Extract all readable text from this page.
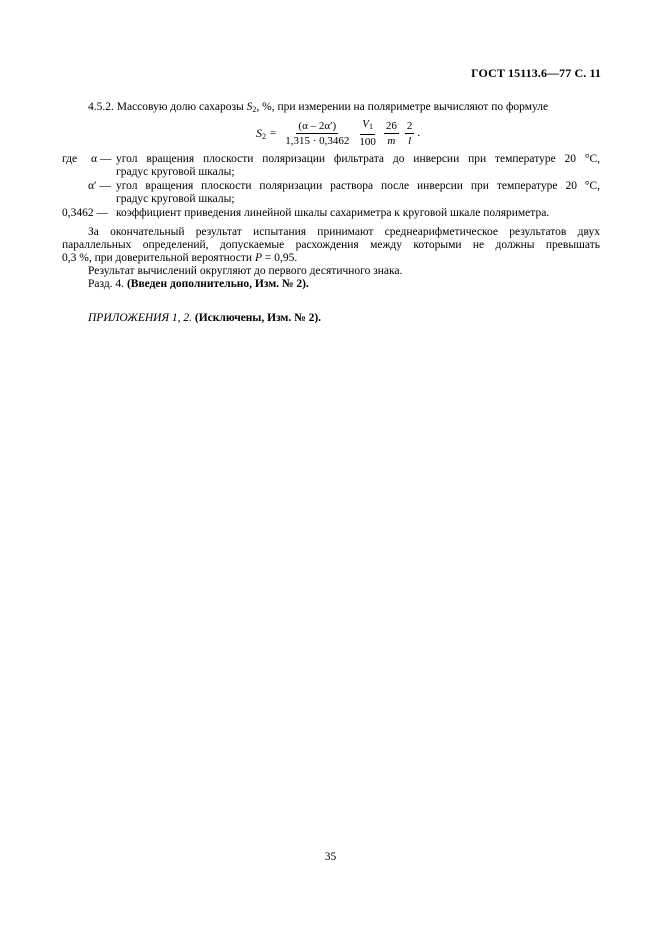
ГОСТ 15113.6—77 С. 11
4.5.2. Массовую долю сахарозы $S_2$, %, при измерении на поляриметре вычисляют по формуле
$S_2 = \frac{(\alpha - 2\alpha')}{1,315 \cdot 0,3462} \frac{V_1}{100} \frac{26}{m} \frac{2}{l}$ .
где α — угол вращения плоскости поляризации фильтрата до инверсии при температуре 20 °С,
градус круговой шкалы;
α′ — угол вращения плоскости поляризации раствора после инверсии при температуре 20 °С,
градус круговой шкалы;
0,3462 — коэффициент приведения линейной шкалы сахариметра к круговой шкале поляриметра.
За окончательный результат испытания принимают среднеарифметическое результатов двух
параллельных определений, допускаемые расхождения между которыми не должны превышать
0,3 %, при доверительной вероятности P = 0,95.
Результат вычислений округляют до первого десятичного знака.
Разд. 4. (Введен дополнительно, Изм. № 2).
ПРИЛОЖЕНИЯ 1, 2. (Исключены, Изм. № 2).
35
